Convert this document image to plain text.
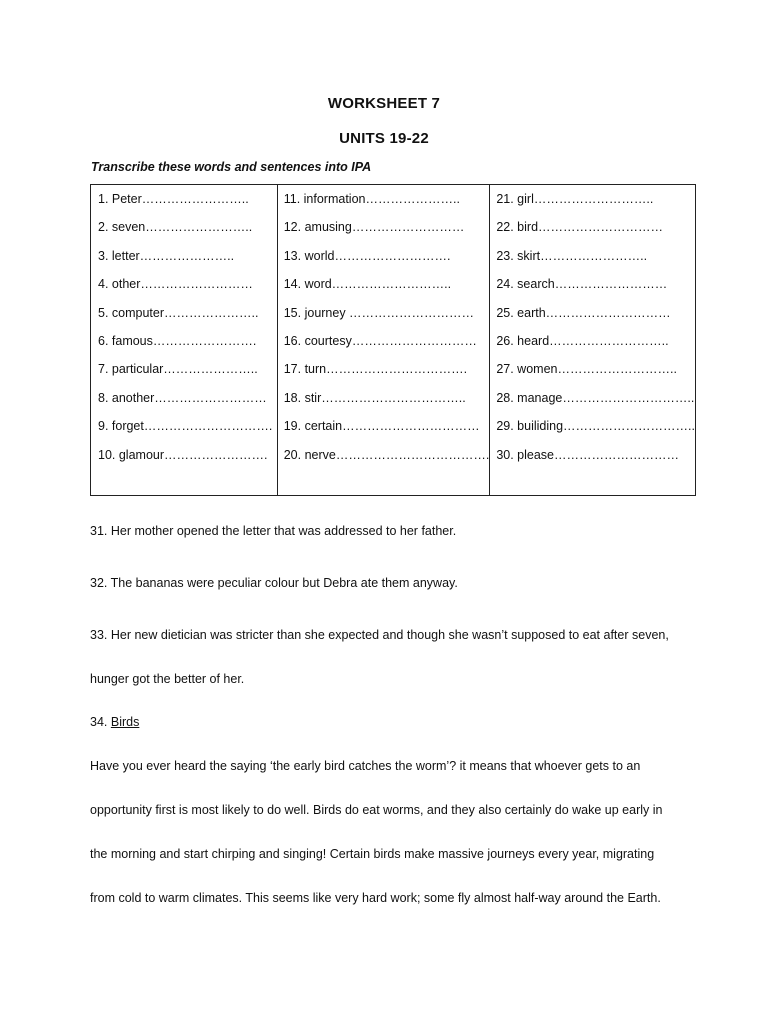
WORKSHEET 7
UNITS 19-22
Transcribe these words and sentences into IPA
1. Peter……………………..
2. seven……………………..
3. letter…………………..
4. other………………………
5. computer…………………..
6. famous…………………….
7. particular…………………..
8. another………………………
9. forget………………………….
10. glamour…………………….
11. information…………………..
12. amusing………………………
13. world……………………….
14. word………………………..
15. journey …………………………
16. courtesy…………………………
17. turn…………………………….
18. stir……………………………..
19. certain……………………………
20. nerve……………………………….
21. girl………………………..
22. bird…………………………
23. skirt……………………..
24. search………………………
25. earth…………………………
26. heard………………………..
27. women………………………..
28. manage…………………………..
29. builiding…………………………..
30. please…………………………
31. Her mother opened the letter that was addressed to her father.
32. The bananas were peculiar colour but Debra ate them anyway.
33. Her new dietician was stricter than she expected and though she wasn’t supposed to eat after seven,
hunger got the better of her.
34. Birds
Have you ever heard the saying ‘the early bird catches the worm’? it means that whoever gets to an
opportunity first is most likely to do well. Birds do eat worms, and they also certainly do wake up early in
the morning and start chirping and singing! Certain birds make massive journeys every year, migrating
from cold to warm climates. This seems like very hard work; some fly almost half-way around the Earth.
